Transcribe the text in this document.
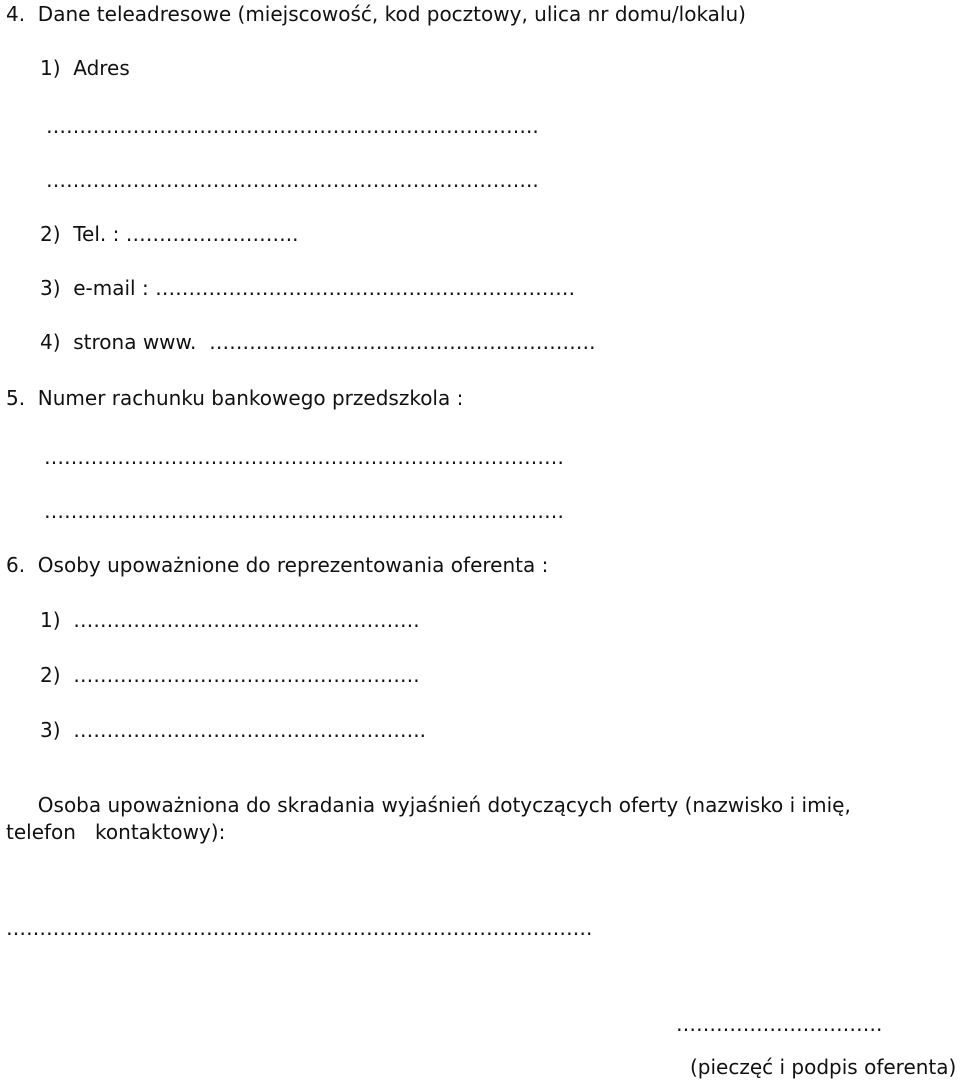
4.  Dane teleadresowe (miejscowość, kod pocztowy, ulica nr domu/lokalu)
1)  Adres
………………………………………………………………..
………………………………………………………………..
2)  Tel. : ……………………..
3)  e-mail : ………………………………………………………
4)  strona www.  ………………………………………………….
5.  Numer rachunku bankowego przedszkola :
……………………………………………………………………
……………………………………………………………………
6.  Osoby upoważnione do reprezentowania oferenta :
1)  …………………………………………….
2)  …………………………………………….
3)  ……………………………………………..
Osoba upoważniona do skradania wyjaśnień dotyczących oferty (nazwisko i imię,
telefon   kontaktowy):
…………………………………………………………………………….
………………………….
(pieczęć i podpis oferenta)
